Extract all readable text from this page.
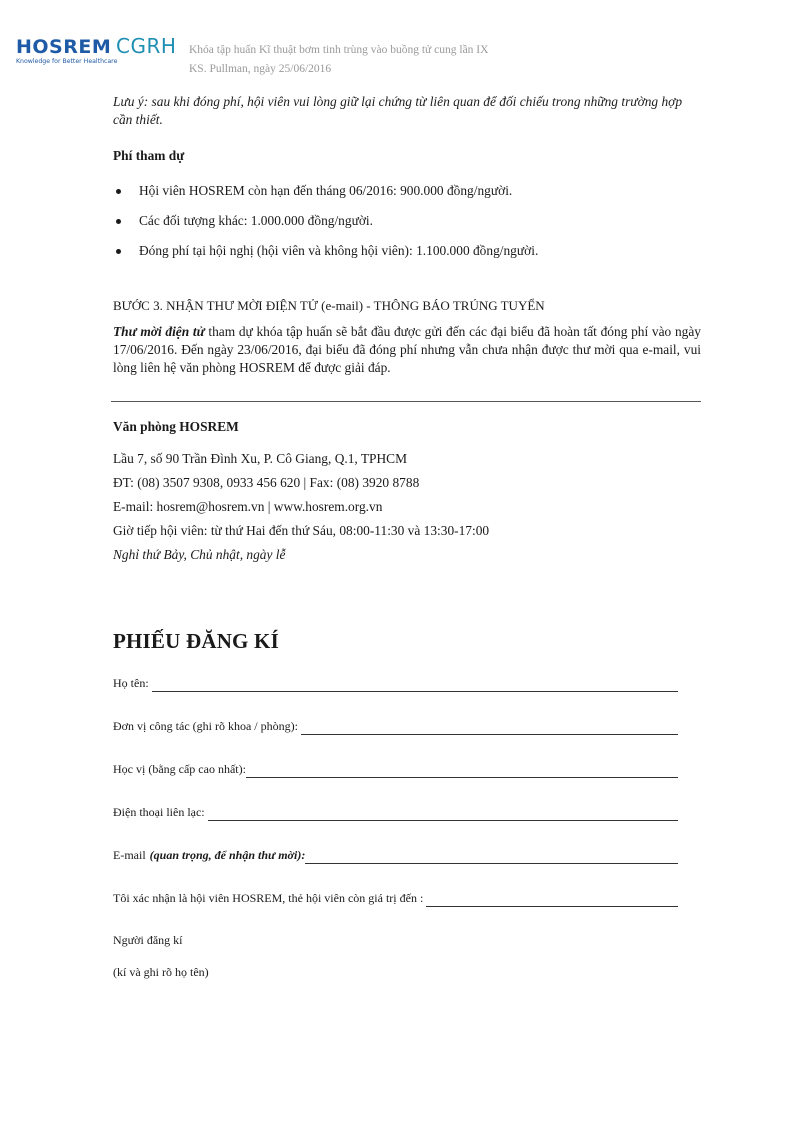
HOSREM
Knowledge for Better Healthcare
CGRH Khóa tập huấn Kĩ thuật bơm tinh trùng vào buồng tử cung lần IX
KS. Pullman, ngày 25/06/2016

Lưu ý: sau khi đóng phí, hội viên vui lòng giữ lại chứng từ liên quan để đối chiếu trong những trường hợp cần thiết.

Phí tham dự

Hội viên HOSREM còn hạn đến tháng 06/2016: 900.000 đồng/người.
Các đối tượng khác: 1.000.000 đồng/người.
Đóng phí tại hội nghị (hội viên và không hội viên): 1.100.000 đồng/người.

BƯỚC 3. NHẬN THƯ MỜI ĐIỆN TỬ (e-mail) - THÔNG BÁO TRÚNG TUYỂN

Thư mời điện tử tham dự khóa tập huấn sẽ bắt đầu được gửi đến các đại biểu đã hoàn tất đóng phí vào ngày 17/06/2016. Đến ngày 23/06/2016, đại biểu đã đóng phí nhưng vẫn chưa nhận được thư mời qua e-mail, vui lòng liên hệ văn phòng HOSREM để được giải đáp.

Văn phòng HOSREM

Lầu 7, số 90 Trần Đình Xu, P. Cô Giang, Q.1, TPHCM

ĐT: (08) 3507 9308, 0933 456 620 | Fax: (08) 3920 8788

E-mail: hosrem@hosrem.vn | www.hosrem.org.vn

Giờ tiếp hội viên: từ thứ Hai đến thứ Sáu, 08:00-11:30 và 13:30-17:00

Nghỉ thứ Bảy, Chủ nhật, ngày lễ

PHIẾU ĐĂNG KÍ
Họ tên:
Đơn vị công tác (ghi rõ khoa / phòng):
Học vị (bằng cấp cao nhất):
Điện thoại liên lạc:
E-mail (quan trọng, để nhận thư mời):
Tôi xác nhận là hội viên HOSREM, thẻ hội viên còn giá trị đến :

Người đăng kí

(kí và ghi rõ họ tên)
